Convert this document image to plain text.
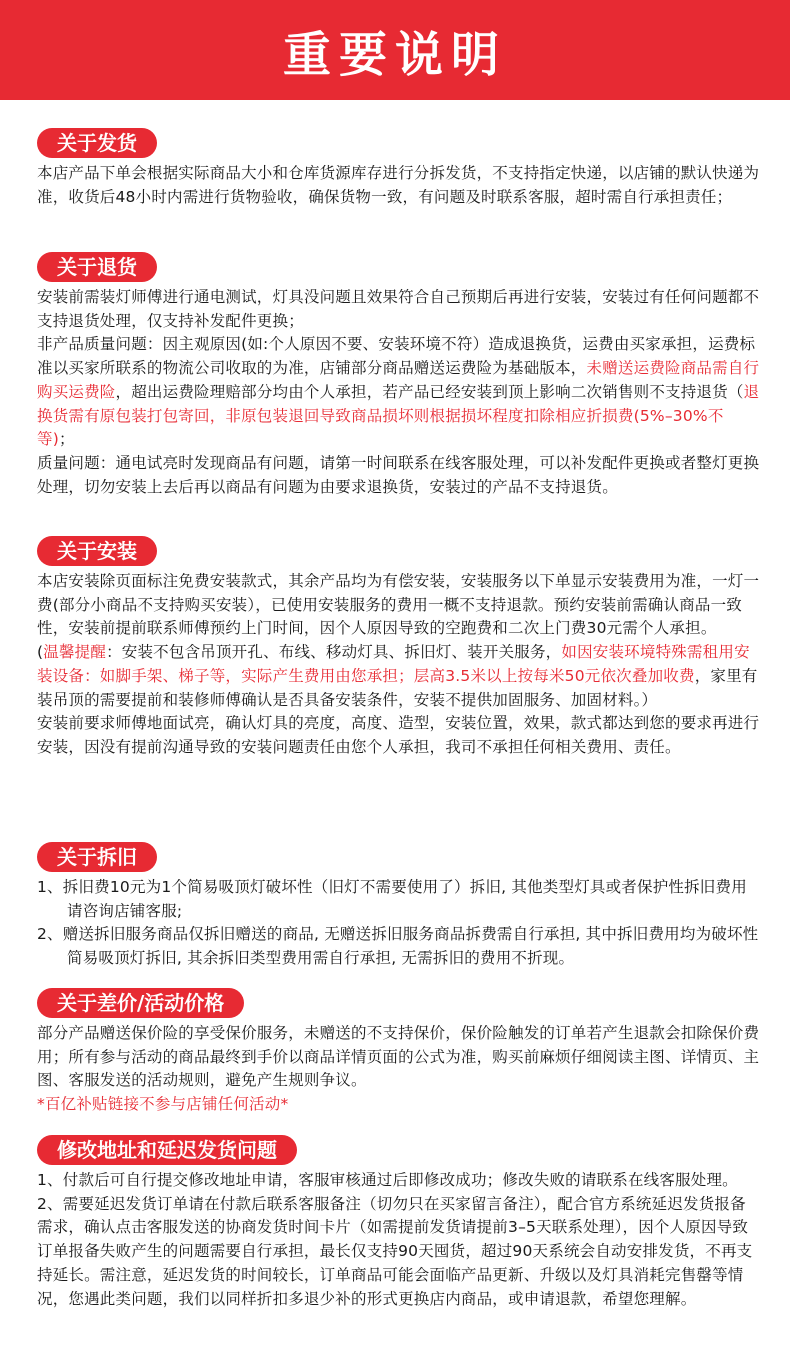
重要说明
关于发货
本店产品下单会根据实际商品大小和仓库货源库存进行分拆发货，不支持指定快递，以店铺的默认快递为准，收货后48小时内需进行货物验收，确保货物一致，有问题及时联系客服，超时需自行承担责任；
关于退货
安装前需装灯师傅进行通电测试，灯具没问题且效果符合自己预期后再进行安装，安装过有任何问题都不支持退货处理，仅支持补发配件更换；
非产品质量问题：因主观原因(如:个人原因不要、安装环境不符）造成退换货，运费由买家承担，运费标准以买家所联系的物流公司收取的为准，店铺部分商品赠送运费险为基础版本，未赠送运费险商品需自行购买运费险，超出运费险理赔部分均由个人承担，若产品已经安装到顶上影响二次销售则不支持退货（退换货需有原包装打包寄回，非原包装退回导致商品损坏则根据损坏程度扣除相应折损费(5%–30%不等)；
质量问题：通电试亮时发现商品有问题，请第一时间联系在线客服处理，可以补发配件更换或者整灯更换处理，切勿安装上去后再以商品有问题为由要求退换货，安装过的产品不支持退货。
关于安装
本店安装除页面标注免费安装款式，其余产品均为有偿安装，安装服务以下单显示安装费用为准，一灯一费(部分小商品不支持购买安装），已使用安装服务的费用一概不支持退款。预约安装前需确认商品一致性，安装前提前联系师傅预约上门时间，因个人原因导致的空跑费和二次上门费30元需个人承担。
(温馨提醒：安装不包含吊顶开孔、布线、移动灯具、拆旧灯、装开关服务，如因安装环境特殊需租用安装设备：如脚手架、梯子等，实际产生费用由您承担；层高3.5米以上按每米50元依次叠加收费，家里有装吊顶的需要提前和装修师傅确认是否具备安装条件，安装不提供加固服务、加固材料。）
安装前要求师傅地面试亮，确认灯具的亮度，高度、造型，安装位置，效果，款式都达到您的要求再进行安装，因没有提前沟通导致的安装问题责任由您个人承担，我司不承担任何相关费用、责任。
关于拆旧
1、拆旧费10元为1个简易吸顶灯破坏性（旧灯不需要使用了）拆旧, 其他类型灯具或者保护性拆旧费用请咨询店铺客服;
2、赠送拆旧服务商品仅拆旧赠送的商品, 无赠送拆旧服务商品拆费需自行承担, 其中拆旧费用均为破坏性简易吸顶灯拆旧, 其余拆旧类型费用需自行承担, 无需拆旧的费用不折现。
关于差价/活动价格
部分产品赠送保价险的享受保价服务，未赠送的不支持保价，保价险触发的订单若产生退款会扣除保价费用；所有参与活动的商品最终到手价以商品详情页面的公式为准，购买前麻烦仔细阅读主图、详情页、主图、客服发送的活动规则，避免产生规则争议。
*百亿补贴链接不参与店铺任何活动*
修改地址和延迟发货问题
1、付款后可自行提交修改地址申请，客服审核通过后即修改成功；修改失败的请联系在线客服处理。
2、需要延迟发货订单请在付款后联系客服备注（切勿只在买家留言备注），配合官方系统延迟发货报备需求，确认点击客服发送的协商发货时间卡片（如需提前发货请提前3–5天联系处理），因个人原因导致订单报备失败产生的问题需要自行承担，最长仅支持90天囤货，超过90天系统会自动安排发货，不再支持延长。需注意，延迟发货的时间较长，订单商品可能会面临产品更新、升级以及灯具消耗完售罄等情况，您遇此类问题，我们以同样折扣多退少补的形式更换店内商品，或申请退款，希望您理解。
